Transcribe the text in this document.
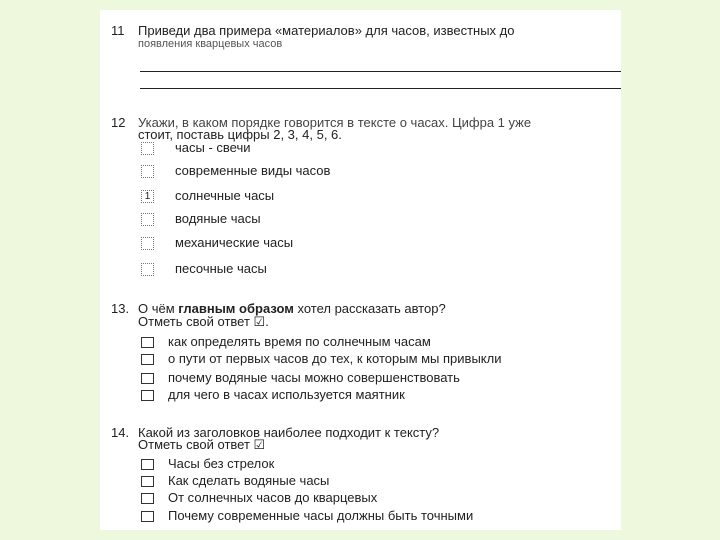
11 Приведи два примера «материалов» для часов, известных до
появления кварцевых часов
12 Укажи, в каком порядке говорится в тексте о часах. Цифра 1 уже
стоит, поставь цифры 2, 3, 4, 5, 6.
13. О чём главным образом хотел рассказать автор?
Отметь свой ответ ☑.
14. Какой из заголовков наиболее подходит к тексту?
Отметь свой ответ ☑
часы - свечи
современные виды часов
1 солнечные часы
водяные часы
механические часы
песочные часы
как определять время по солнечным часам
о пути от первых часов до тех, к которым мы привыкли
почему водяные часы можно совершенствовать
для чего в часах используется маятник
Часы без стрелок
Как сделать водяные часы
От солнечных часов до кварцевых
Почему современные часы должны быть точными
